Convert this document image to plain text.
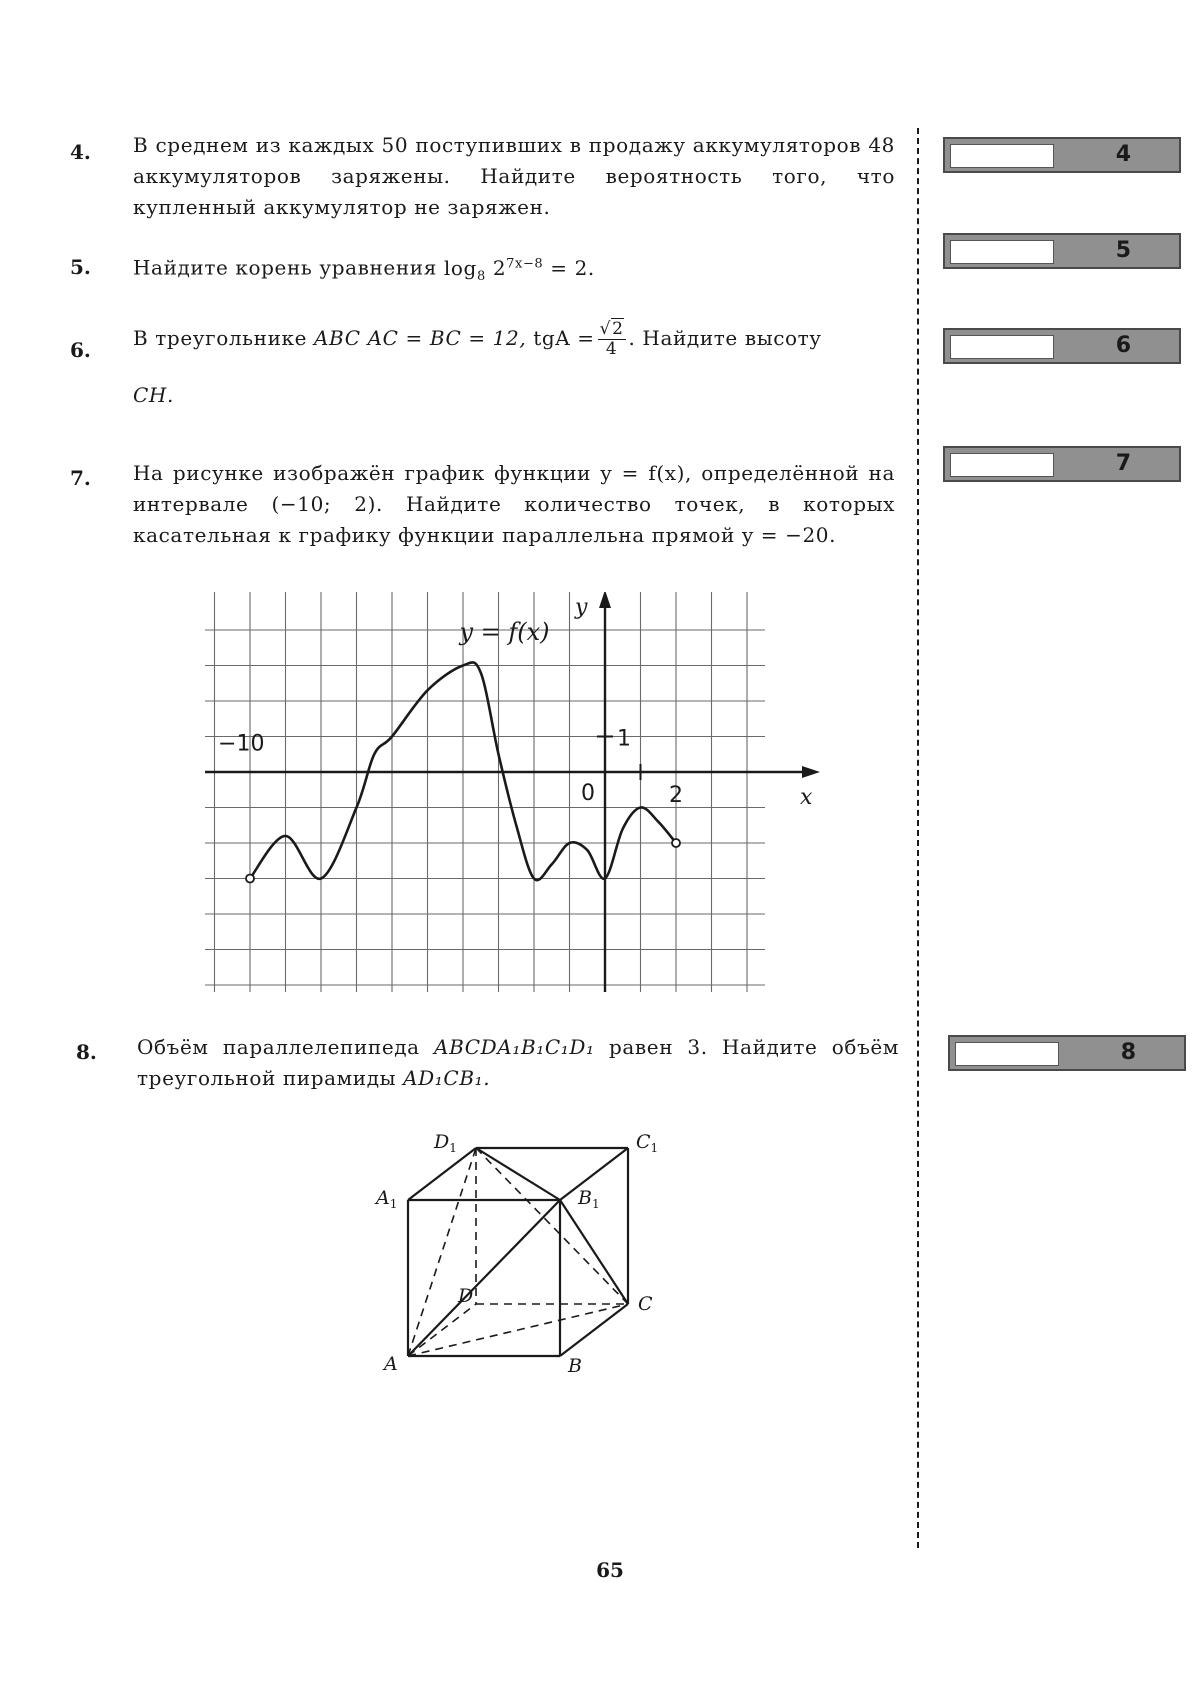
4. В среднем из каждых 50 поступивших в продажу аккумуляторов 48 аккумуляторов заряжены. Найдите вероятность того, что купленный аккумулятор не заряжен.
5. Найдите корень уравнения $\log_8 2^{7x-8} = 2$.
6. В треугольнике ABC AC = BC = 12, tgA = $\frac{√2}{4}$ . Найдите высоту
CH.
7. На рисунке изображён график функции y = f(x), определённой на интервале (−10; 2). Найдите количество точек, в которых касательная к графику функции параллельна прямой y = −20.
y = f(x)
y
x
−10	1
0	2
8. Объём параллелепипеда ABCDA₁B₁C₁D₁ равен 3. Найдите объём треугольной пирамиды AD₁CB₁.
A	B
C
D
$A_1$	$B_1$
$C_1$
$D_1$
4
5
6
7
8
65
